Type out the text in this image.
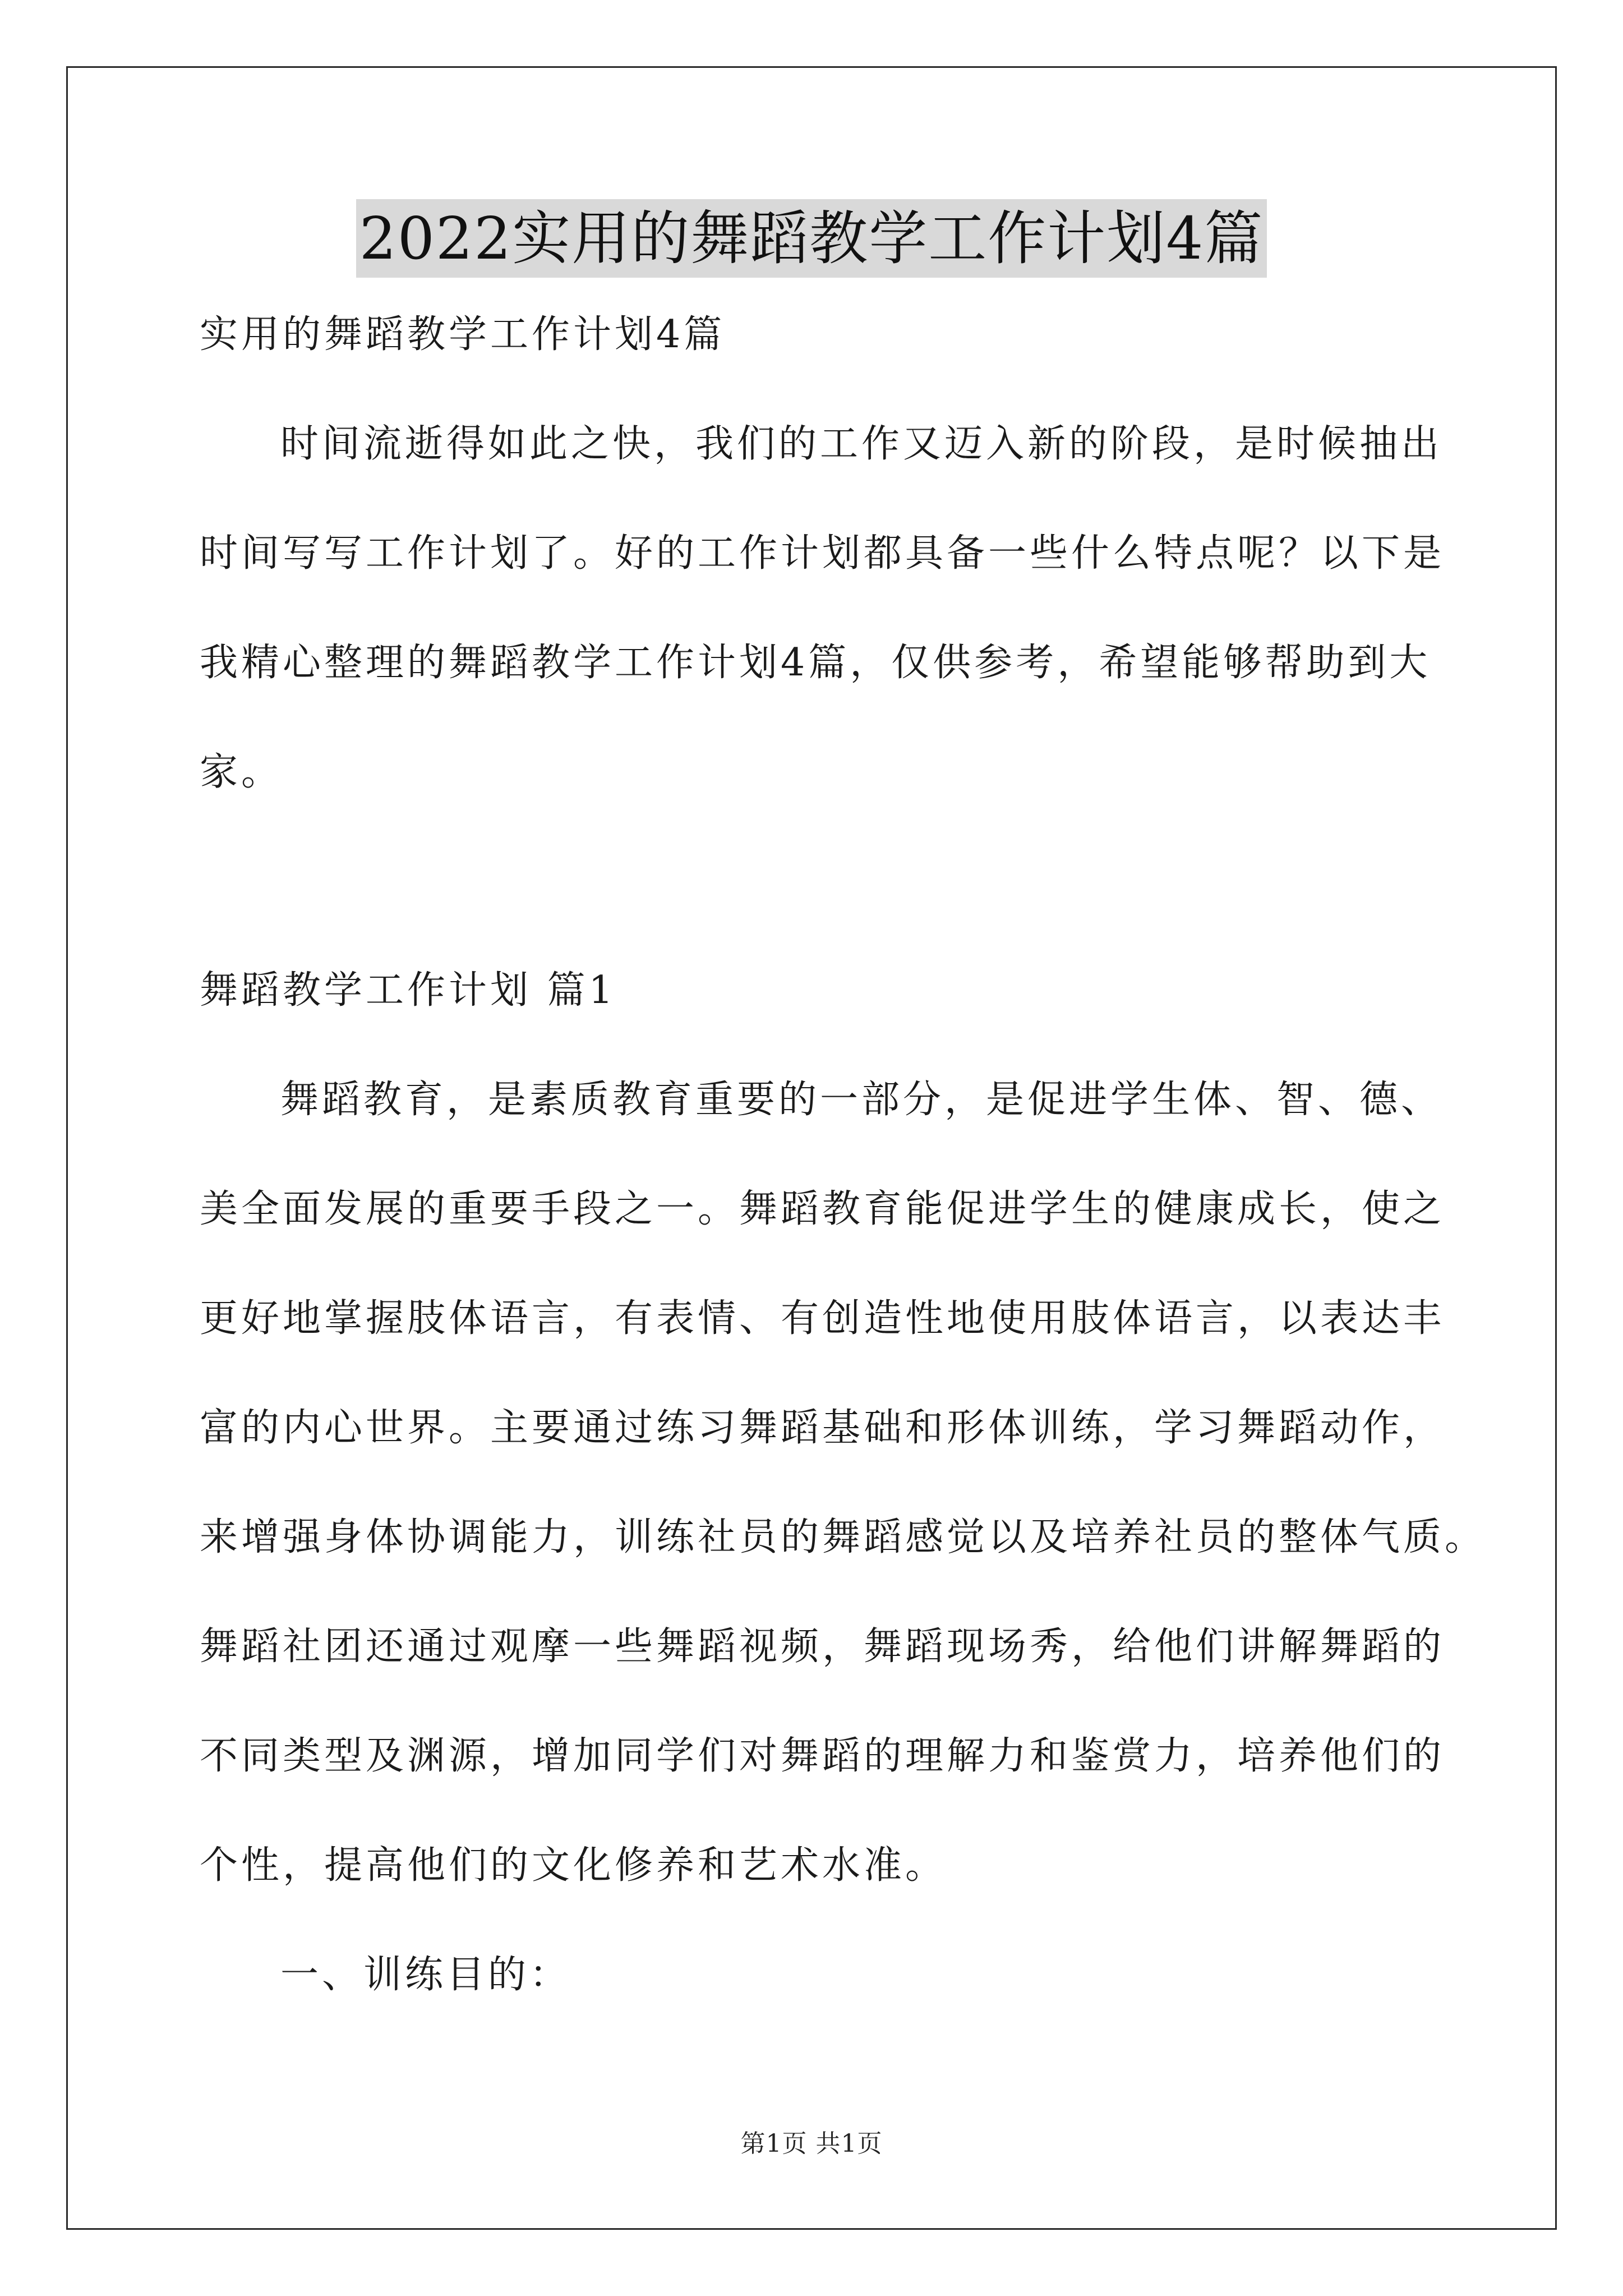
2022实用的舞蹈教学工作计划4篇
实用的舞蹈教学工作计划4篇
时间流逝得如此之快，我们的工作又迈入新的阶段，是时候抽出
时间写写工作计划了。好的工作计划都具备一些什么特点呢？以下是
我精心整理的舞蹈教学工作计划4篇，仅供参考，希望能够帮助到大
家。
舞蹈教学工作计划 篇1
舞蹈教育，是素质教育重要的一部分，是促进学生体、智、德、
美全面发展的重要手段之一。舞蹈教育能促进学生的健康成长，使之
更好地掌握肢体语言，有表情、有创造性地使用肢体语言，以表达丰
富的内心世界。主要通过练习舞蹈基础和形体训练，学习舞蹈动作，
来增强身体协调能力，训练社员的舞蹈感觉以及培养社员的整体气质。
舞蹈社团还通过观摩一些舞蹈视频，舞蹈现场秀，给他们讲解舞蹈的
不同类型及渊源，增加同学们对舞蹈的理解力和鉴赏力，培养他们的
个性，提高他们的文化修养和艺术水准。
一、训练目的：
第1页 共1页
